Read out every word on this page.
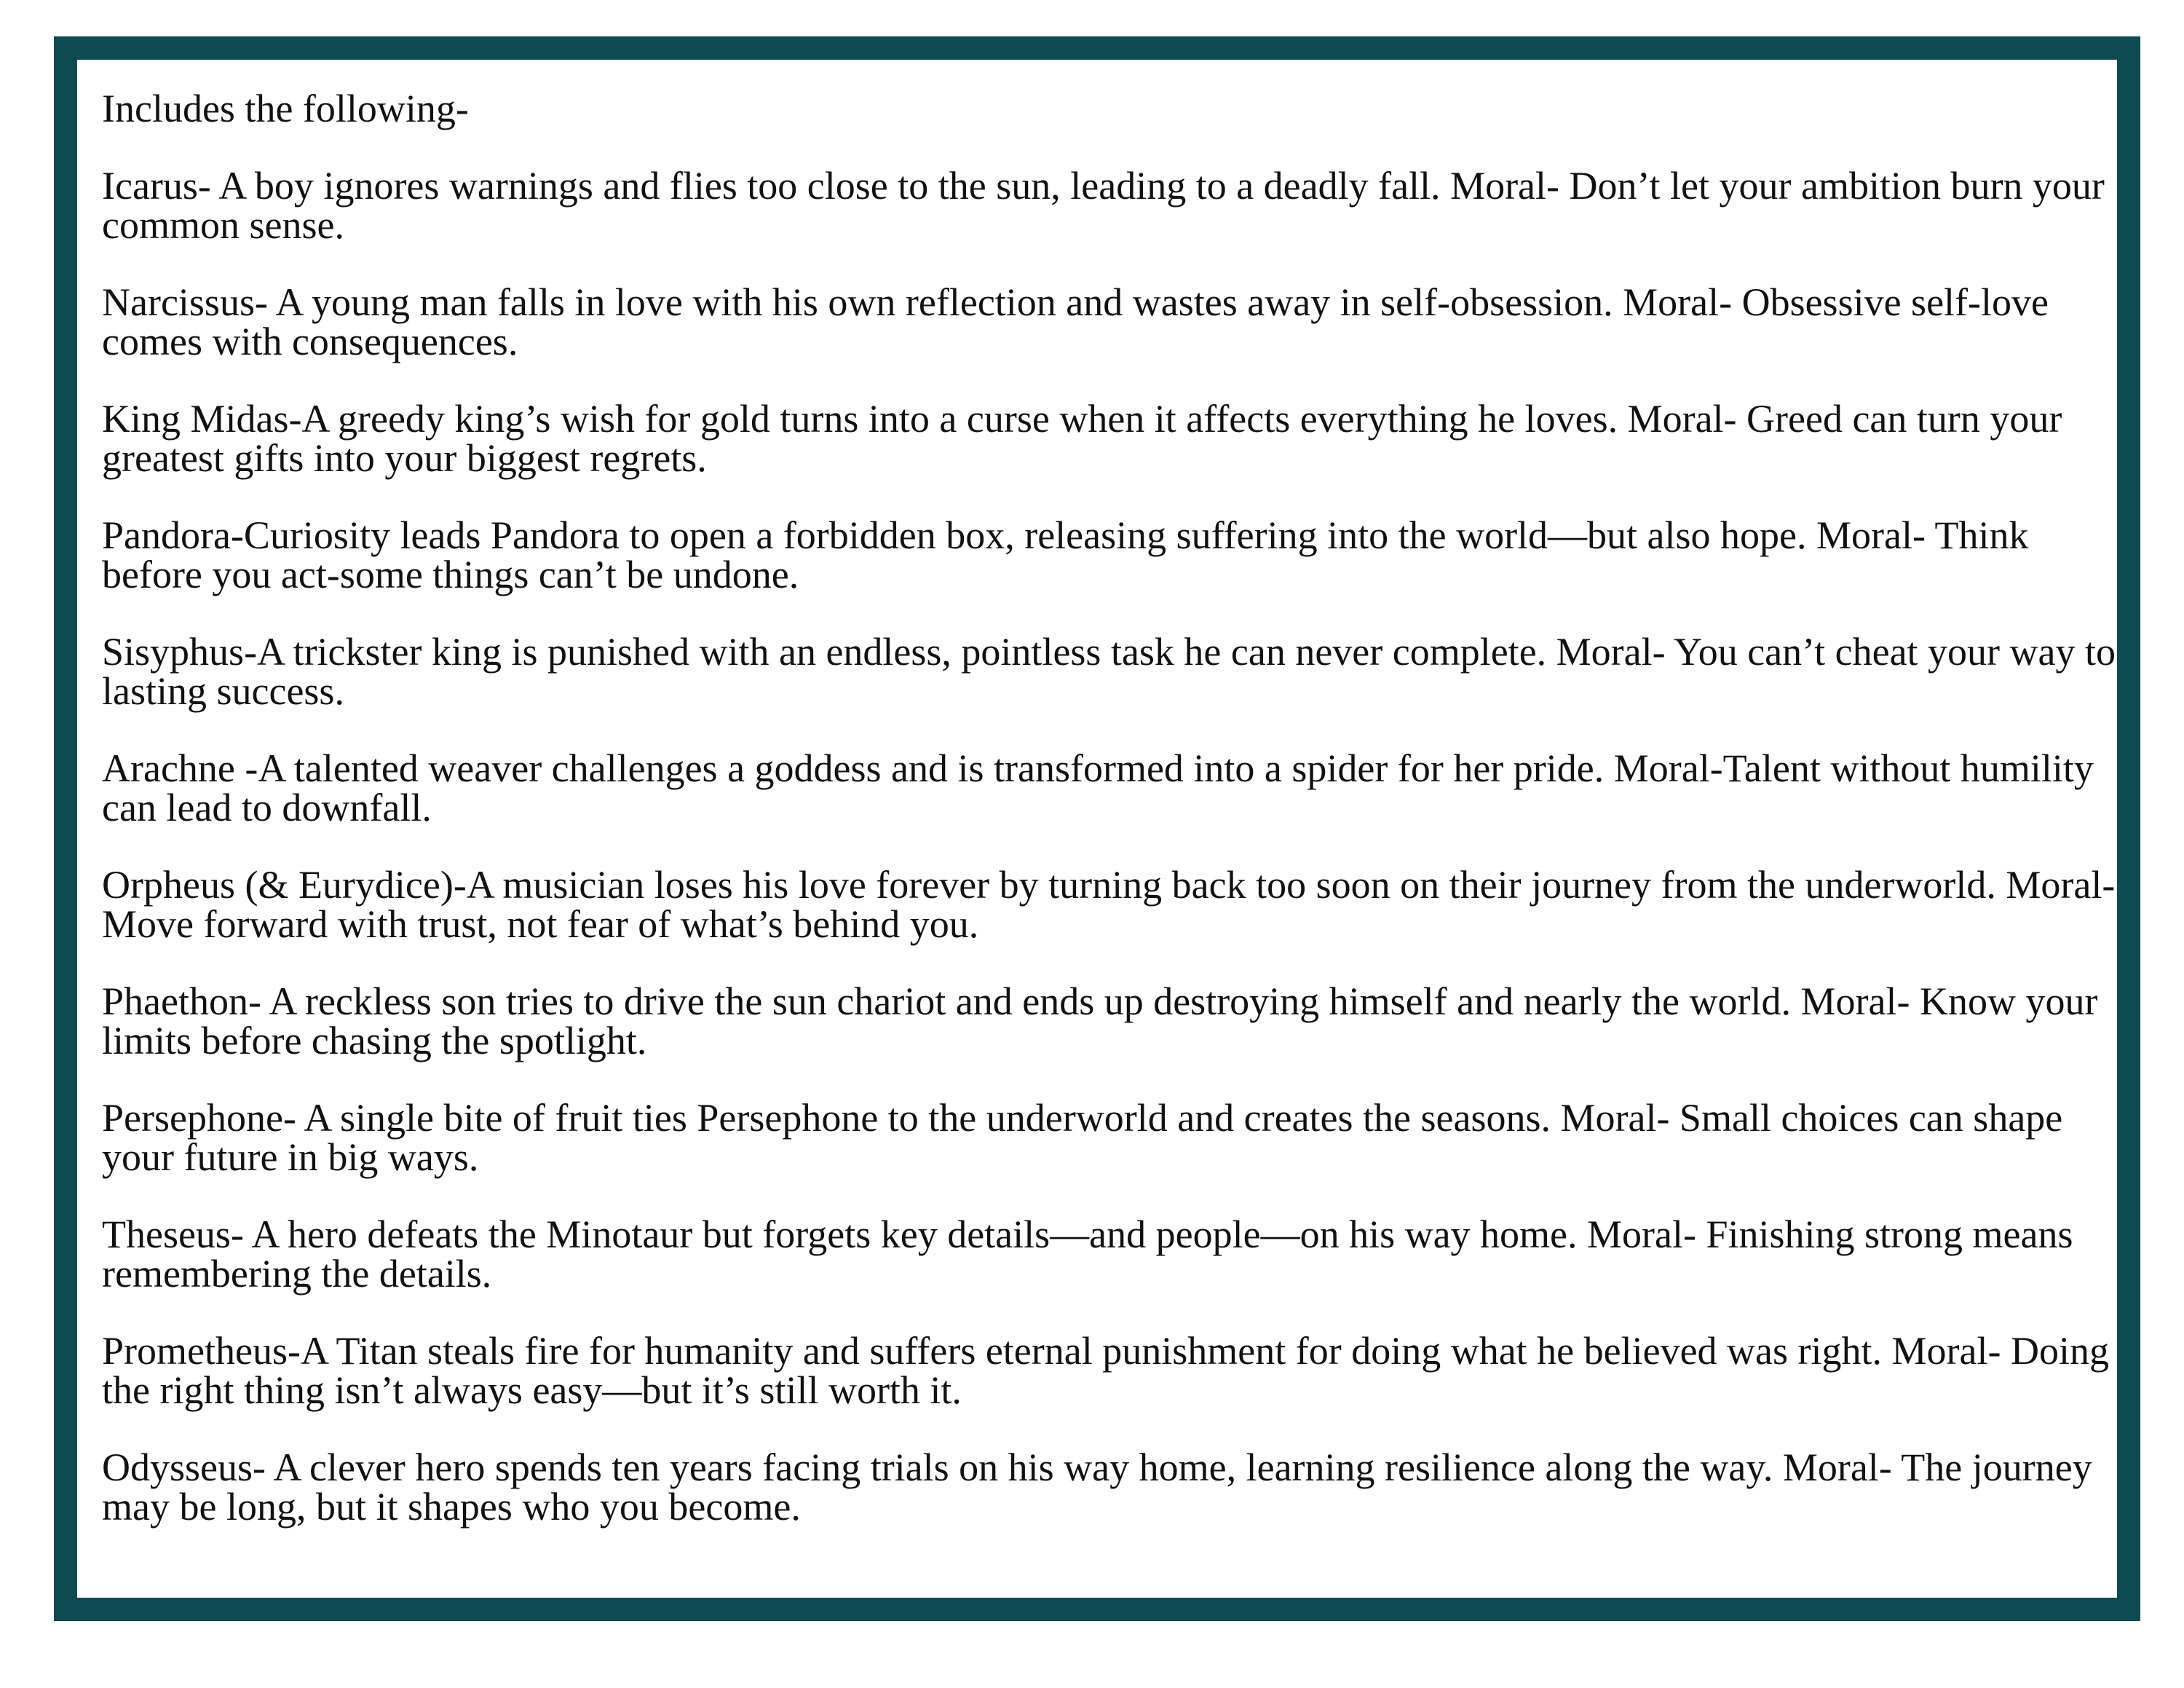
Includes the following-

Icarus- A boy ignores warnings and flies too close to the sun, leading to a deadly fall. Moral- Don’t let your ambition burn your common sense.

Narcissus- A young man falls in love with his own reflection and wastes away in self-obsession. Moral- Obsessive self-love comes with consequences.

King Midas-A greedy king’s wish for gold turns into a curse when it affects everything he loves. Moral- Greed can turn your greatest gifts into your biggest regrets.

Pandora-Curiosity leads Pandora to open a forbidden box, releasing suffering into the world—but also hope. Moral- Think before you act-some things can’t be undone.

Sisyphus-A trickster king is punished with an endless, pointless task he can never complete. Moral- You can’t cheat your way to lasting success.

Arachne -A talented weaver challenges a goddess and is transformed into a spider for her pride. Moral-Talent without humility can lead to downfall.

Orpheus (& Eurydice)-A musician loses his love forever by turning back too soon on their journey from the underworld. Moral- Move forward with trust, not fear of what’s behind you.

Phaethon- A reckless son tries to drive the sun chariot and ends up destroying himself and nearly the world. Moral- Know your limits before chasing the spotlight.

Persephone- A single bite of fruit ties Persephone to the underworld and creates the seasons. Moral- Small choices can shape your future in big ways.

Theseus- A hero defeats the Minotaur but forgets key details—and people—on his way home. Moral- Finishing strong means remembering the details.

Prometheus-A Titan steals fire for humanity and suffers eternal punishment for doing what he believed was right. Moral- Doing the right thing isn’t always easy—but it’s still worth it.

Odysseus- A clever hero spends ten years facing trials on his way home, learning resilience along the way. Moral- The journey may be long, but it shapes who you become.
